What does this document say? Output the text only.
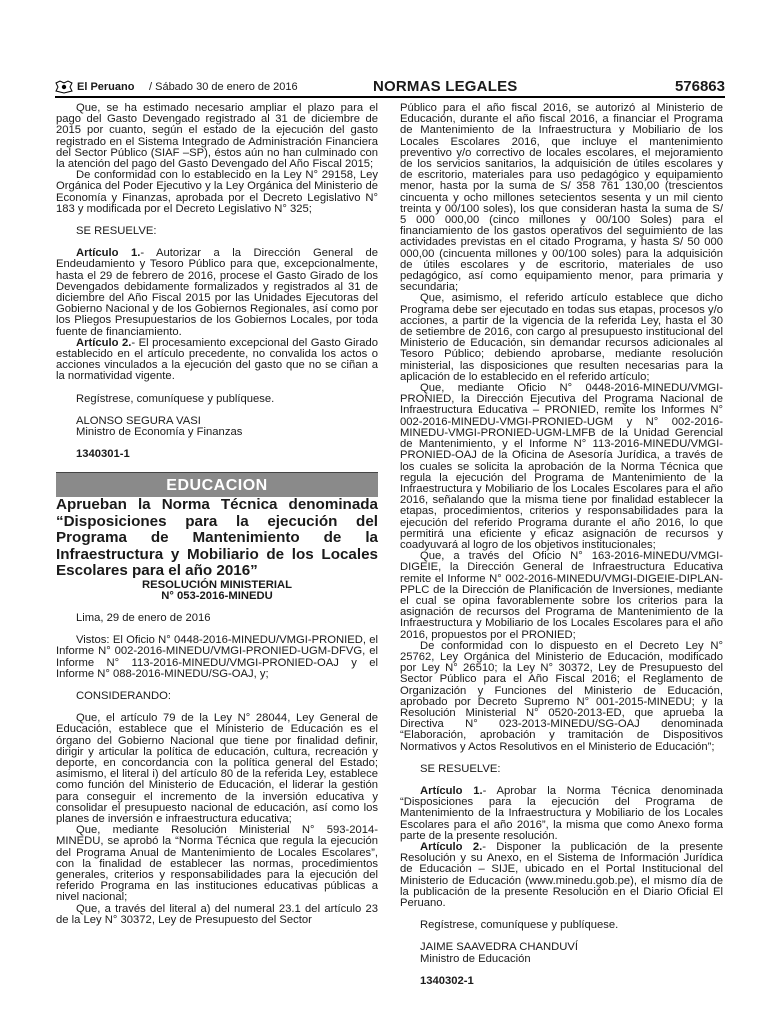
El Peruano / Sábado 30 de enero de 2016	NORMAS LEGALES	576863

Que, se ha estimado necesario ampliar el plazo para el pago del Gasto Devengado registrado al 31 de diciembre de 2015 por cuanto, según el estado de la ejecución del gasto registrado en el Sistema Integrado de Administración Financiera del Sector Público (SIAF –SP), éstos aún no han culminado con la atención del pago del Gasto Devengado del Año Fiscal 2015;

De conformidad con lo establecido en la Ley N° 29158, Ley Orgánica del Poder Ejecutivo y la Ley Orgánica del Ministerio de Economía y Finanzas, aprobada por el Decreto Legislativo N° 183 y modificada por el Decreto Legislativo N° 325;

SE RESUELVE:

Artículo 1.- Autorizar a la Dirección General de Endeudamiento y Tesoro Público para que, excepcionalmente, hasta el 29 de febrero de 2016, procese el Gasto Girado de los Devengados debidamente formalizados y registrados al 31 de diciembre del Año Fiscal 2015 por las Unidades Ejecutoras del Gobierno Nacional y de los Gobiernos Regionales, así como por los Pliegos Presupuestarios de los Gobiernos Locales, por toda fuente de financiamiento.

Artículo 2.- El procesamiento excepcional del Gasto Girado establecido en el artículo precedente, no convalida los actos o acciones vinculados a la ejecución del gasto que no se ciñan a la normatividad vigente.

Regístrese, comuníquese y publíquese.

ALONSO SEGURA VASI

Ministro de Economía y Finanzas

1340301-1

EDUCACION

Aprueban la Norma Técnica denominada “Disposiciones para la ejecución del Programa de Mantenimiento de la Infraestructura y Mobiliario de los Locales Escolares para el año 2016”

RESOLUCIÓN MINISTERIAL

N° 053-2016-MINEDU

Lima, 29 de enero de 2016

Vistos: El Oficio N° 0448-2016-MINEDU/VMGI-PRONIED, el Informe N° 002-2016-MINEDU/VMGI-PRONIED-UGM-DFVG, el Informe N° 113-2016-MINEDU/VMGI-PRONIED-OAJ y el Informe N° 088-2016-MINEDU/SG-OAJ, y;

CONSIDERANDO:

Que, el artículo 79 de la Ley N° 28044, Ley General de Educación, establece que el Ministerio de Educación es el órgano del Gobierno Nacional que tiene por finalidad definir, dirigir y articular la política de educación, cultura, recreación y deporte, en concordancia con la política general del Estado; asimismo, el literal i) del artículo 80 de la referida Ley, establece como función del Ministerio de Educación, el liderar la gestión para conseguir el incremento de la inversión educativa y consolidar el presupuesto nacional de educación, así como los planes de inversión e infraestructura educativa;

Que, mediante Resolución Ministerial N° 593-2014-MINEDU, se aprobó la “Norma Técnica que regula la ejecución del Programa Anual de Mantenimiento de Locales Escolares”, con la finalidad de establecer las normas, procedimientos generales, criterios y responsabilidades para la ejecución del referido Programa en las instituciones educativas públicas a nivel nacional;

Que, a través del literal a) del numeral 23.1 del artículo 23 de la Ley N° 30372, Ley de Presupuesto del Sector

Público para el año fiscal 2016, se autorizó al Ministerio de Educación, durante el año fiscal 2016, a financiar el Programa de Mantenimiento de la Infraestructura y Mobiliario de los Locales Escolares 2016, que incluye el mantenimiento preventivo y/o correctivo de locales escolares, el mejoramiento de los servicios sanitarios, la adquisición de útiles escolares y de escritorio, materiales para uso pedagógico y equipamiento menor, hasta por la suma de S/ 358 761 130,00 (trescientos cincuenta y ocho millones setecientos sesenta y un mil ciento treinta y 00/100 soles), los que consideran hasta la suma de S/ 5 000 000,00 (cinco millones y 00/100 Soles) para el financiamiento de los gastos operativos del seguimiento de las actividades previstas en el citado Programa, y hasta S/ 50 000 000,00 (cincuenta millones y 00/100 soles) para la adquisición de útiles escolares y de escritorio, materiales de uso pedagógico, así como equipamiento menor, para primaria y secundaria;

Que, asimismo, el referido artículo establece que dicho Programa debe ser ejecutado en todas sus etapas, procesos y/o acciones, a partir de la vigencia de la referida Ley, hasta el 30 de setiembre de 2016, con cargo al presupuesto institucional del Ministerio de Educación, sin demandar recursos adicionales al Tesoro Público; debiendo aprobarse, mediante resolución ministerial, las disposiciones que resulten necesarias para la aplicación de lo establecido en el referido artículo;

Que, mediante Oficio N° 0448-2016-MINEDU/VMGI-PRONIED, la Dirección Ejecutiva del Programa Nacional de Infraestructura Educativa – PRONIED, remite los Informes N° 002-2016-MINEDU-VMGI-PRONIED-UGM y N° 002-2016-MINEDU-VMGI-PRONIED-UGM-LMFB de la Unidad Gerencial de Mantenimiento, y el Informe N° 113-2016-MINEDU/VMGI-PRONIED-OAJ de la Oficina de Asesoría Jurídica, a través de los cuales se solicita la aprobación de la Norma Técnica que regula la ejecución del Programa de Mantenimiento de la Infraestructura y Mobiliario de los Locales Escolares para el año 2016, señalando que la misma tiene por finalidad establecer la etapas, procedimientos, criterios y responsabilidades para la ejecución del referido Programa durante el año 2016, lo que permitirá una eficiente y eficaz asignación de recursos y coadyuvará al logro de los objetivos institucionales;

Que, a través del Oficio N° 163-2016-MINEDU/VMGI-DIGEIE, la Dirección General de Infraestructura Educativa remite el Informe N° 002-2016-MINEDU/VMGI-DIGEIE-DIPLAN-PPLC de la Dirección de Planificación de Inversiones, mediante el cual se opina favorablemente sobre los criterios para la asignación de recursos del Programa de Mantenimiento de la Infraestructura y Mobiliario de los Locales Escolares para el año 2016, propuestos por el PRONIED;

De conformidad con lo dispuesto en el Decreto Ley N° 25762, Ley Orgánica del Ministerio de Educación, modificado por Ley N° 26510; la Ley N° 30372, Ley de Presupuesto del Sector Público para el Año Fiscal 2016; el Reglamento de Organización y Funciones del Ministerio de Educación, aprobado por Decreto Supremo N° 001-2015-MINEDU; y la Resolución Ministerial N° 0520-2013-ED, que aprueba la Directiva N° 023-2013-MINEDU/SG-OAJ denominada “Elaboración, aprobación y tramitación de Dispositivos Normativos y Actos Resolutivos en el Ministerio de Educación”;

SE RESUELVE:

Artículo 1.- Aprobar la Norma Técnica denominada “Disposiciones para la ejecución del Programa de Mantenimiento de la Infraestructura y Mobiliario de los Locales Escolares para el año 2016”, la misma que como Anexo forma parte de la presente resolución.

Artículo 2.- Disponer la publicación de la presente Resolución y su Anexo, en el Sistema de Información Jurídica de Educación – SIJE, ubicado en el Portal Institucional del Ministerio de Educación (www.minedu.gob.pe), el mismo día de la publicación de la presente Resolución en el Diario Oficial El Peruano.

Regístrese, comuníquese y publíquese.

JAIME SAAVEDRA CHANDUVÍ

Ministro de Educación

1340302-1
